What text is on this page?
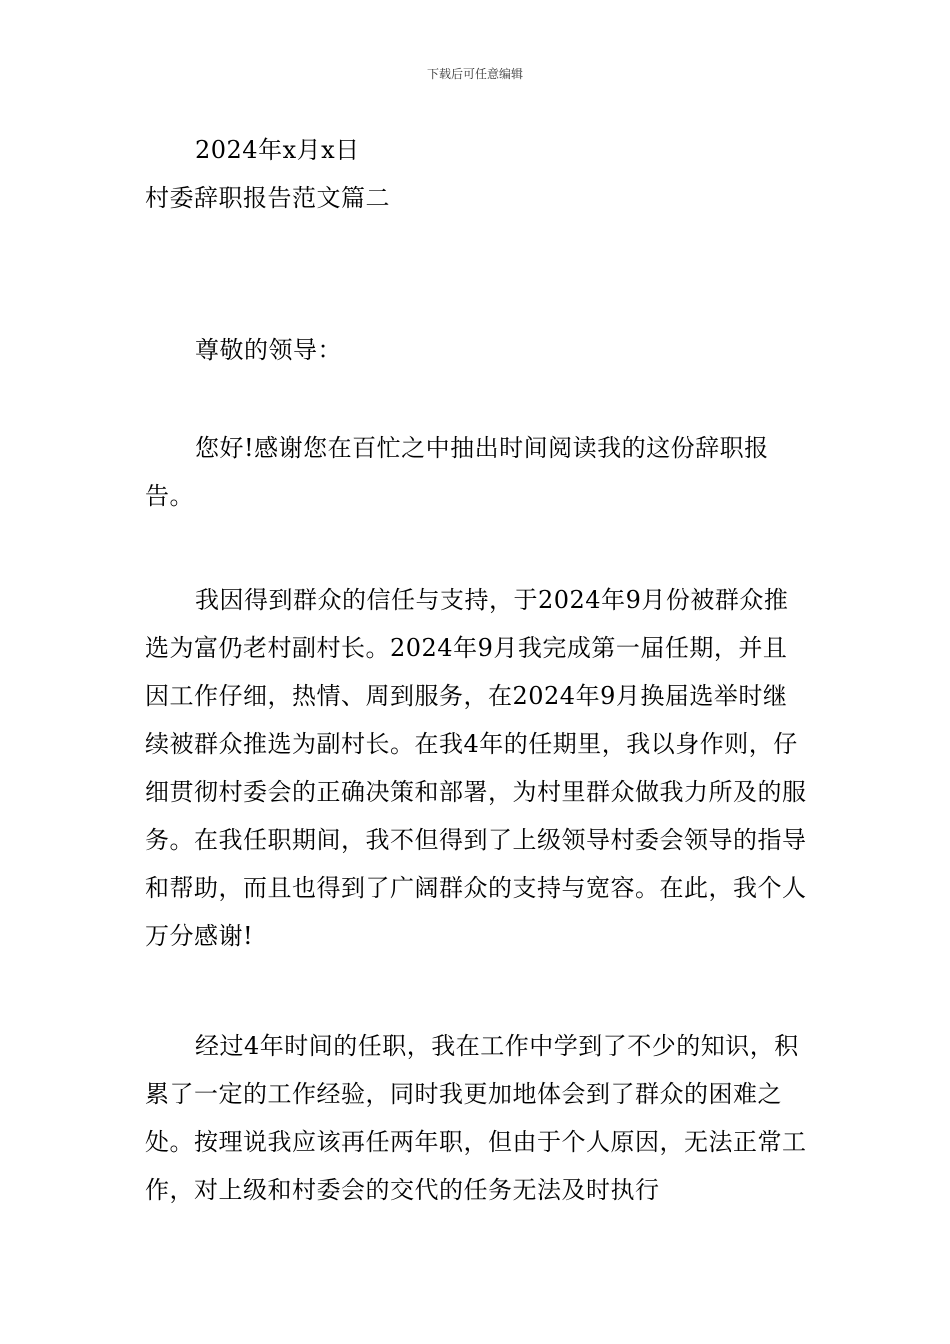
下载后可任意编辑

2024年x月x日

村委辞职报告范文篇二

尊敬的领导：

您好!感谢您在百忙之中抽出时间阅读我的这份辞职报告。

我因得到群众的信任与支持，于2024年9月份被群众推选为富仍老村副村长。2024年9月我完成第一届任期，并且因工作仔细，热情、周到服务，在2024年9月换届选举时继续被群众推选为副村长。在我4年的任期里，我以身作则，仔细贯彻村委会的正确决策和部署，为村里群众做我力所及的服务。在我任职期间，我不但得到了上级领导村委会领导的指导和帮助，而且也得到了广阔群众的支持与宽容。在此，我个人万分感谢!

经过4年时间的任职，我在工作中学到了不少的知识，积累了一定的工作经验，同时我更加地体会到了群众的困难之处。按理说我应该再任两年职，但由于个人原因，无法正常工作，对上级和村委会的交代的任务无法及时执行
